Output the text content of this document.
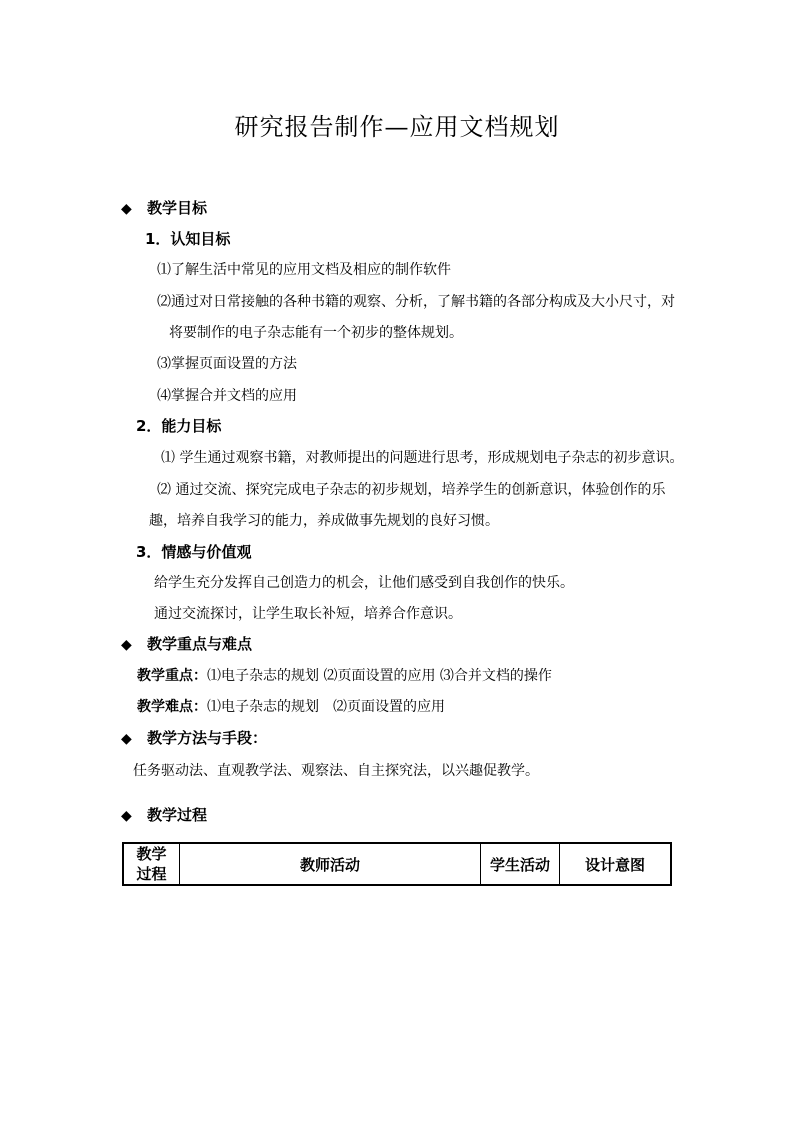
研究报告制作—应用文档规划
◆ 教学目标
1．认知目标
⑴了解生活中常见的应用文档及相应的制作软件
⑵通过对日常接触的各种书籍的观察、分析，了解书籍的各部分构成及大小尺寸，对
将要制作的电子杂志能有一个初步的整体规划。
⑶掌握页面设置的方法
⑷掌握合并文档的应用
2．能力目标
⑴ 学生通过观察书籍，对教师提出的问题进行思考，形成规划电子杂志的初步意识。
⑵ 通过交流、探究完成电子杂志的初步规划，培养学生的创新意识，体验创作的乐
趣，培养自我学习的能力，养成做事先规划的良好习惯。
3．情感与价值观
给学生充分发挥自己创造力的机会，让他们感受到自我创作的快乐。
通过交流探讨，让学生取长补短，培养合作意识。
◆ 教学重点与难点
教学重点：⑴电子杂志的规划 ⑵页面设置的应用 ⑶合并文档的操作
教学难点：⑴电子杂志的规划　⑵页面设置的应用
◆ 教学方法与手段：
任务驱动法、直观教学法、观察法、自主探究法，以兴趣促教学。
◆ 教学过程
教学
过程	教师活动	学生活动	设计意图
